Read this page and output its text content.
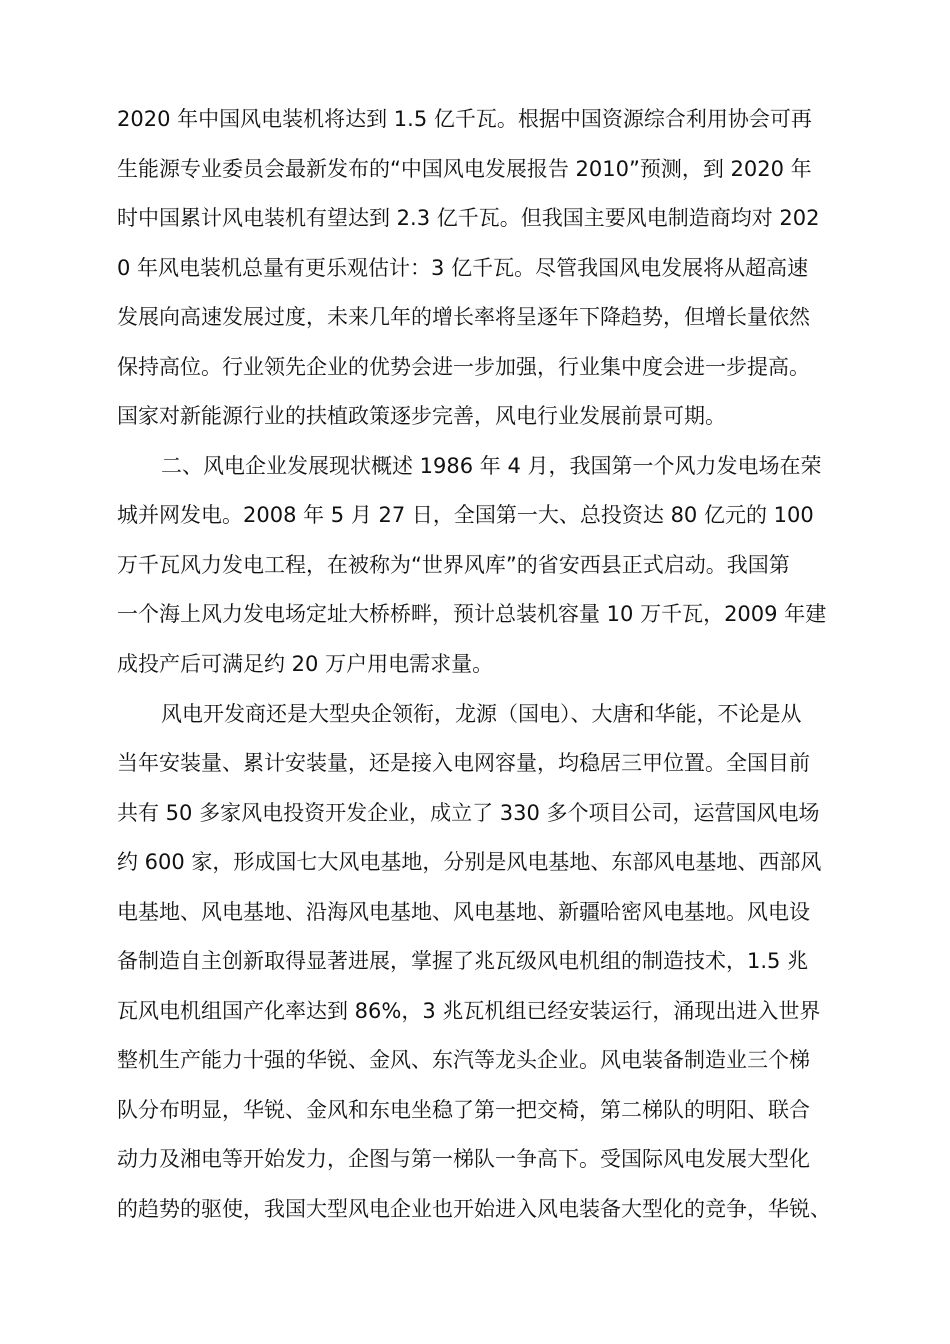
2020 年中国风电装机将达到 1.5 亿千瓦。根据中国资源综合利用协会可再
生能源专业委员会最新发布的“中国风电发展报告 2010”预测，到 2020 年
时中国累计风电装机有望达到 2.3 亿千瓦。但我国主要风电制造商均对 202
0 年风电装机总量有更乐观估计：3 亿千瓦。尽管我国风电发展将从超高速
发展向高速发展过度，未来几年的增长率将呈逐年下降趋势，但增长量依然
保持高位。行业领先企业的优势会进一步加强，行业集中度会进一步提高。
国家对新能源行业的扶植政策逐步完善，风电行业发展前景可期。
二、风电企业发展现状概述 1986 年 4 月，我国第一个风力发电场在荣
城并网发电。2008 年 5 月 27 日，全国第一大、总投资达 80 亿元的 100
万千瓦风力发电工程，在被称为“世界风库”的省安西县正式启动。我国第
一个海上风力发电场定址大桥桥畔，预计总装机容量 10 万千瓦，2009 年建
成投产后可满足约 20 万户用电需求量。
风电开发商还是大型央企领衔，龙源（国电）、大唐和华能，不论是从
当年安装量、累计安装量，还是接入电网容量，均稳居三甲位置。全国目前
共有 50 多家风电投资开发企业，成立了 330 多个项目公司，运营国风电场
约 600 家，形成国七大风电基地，分别是风电基地、东部风电基地、西部风
电基地、风电基地、沿海风电基地、风电基地、新疆哈密风电基地。风电设
备制造自主创新取得显著进展，掌握了兆瓦级风电机组的制造技术，1.5 兆
瓦风电机组国产化率达到 86%，3 兆瓦机组已经安装运行，涌现出进入世界
整机生产能力十强的华锐、金风、东汽等龙头企业。风电装备制造业三个梯
队分布明显，华锐、金风和东电坐稳了第一把交椅，第二梯队的明阳、联合
动力及湘电等开始发力，企图与第一梯队一争高下。受国际风电发展大型化
的趋势的驱使，我国大型风电企业也开始进入风电装备大型化的竞争，华锐、
